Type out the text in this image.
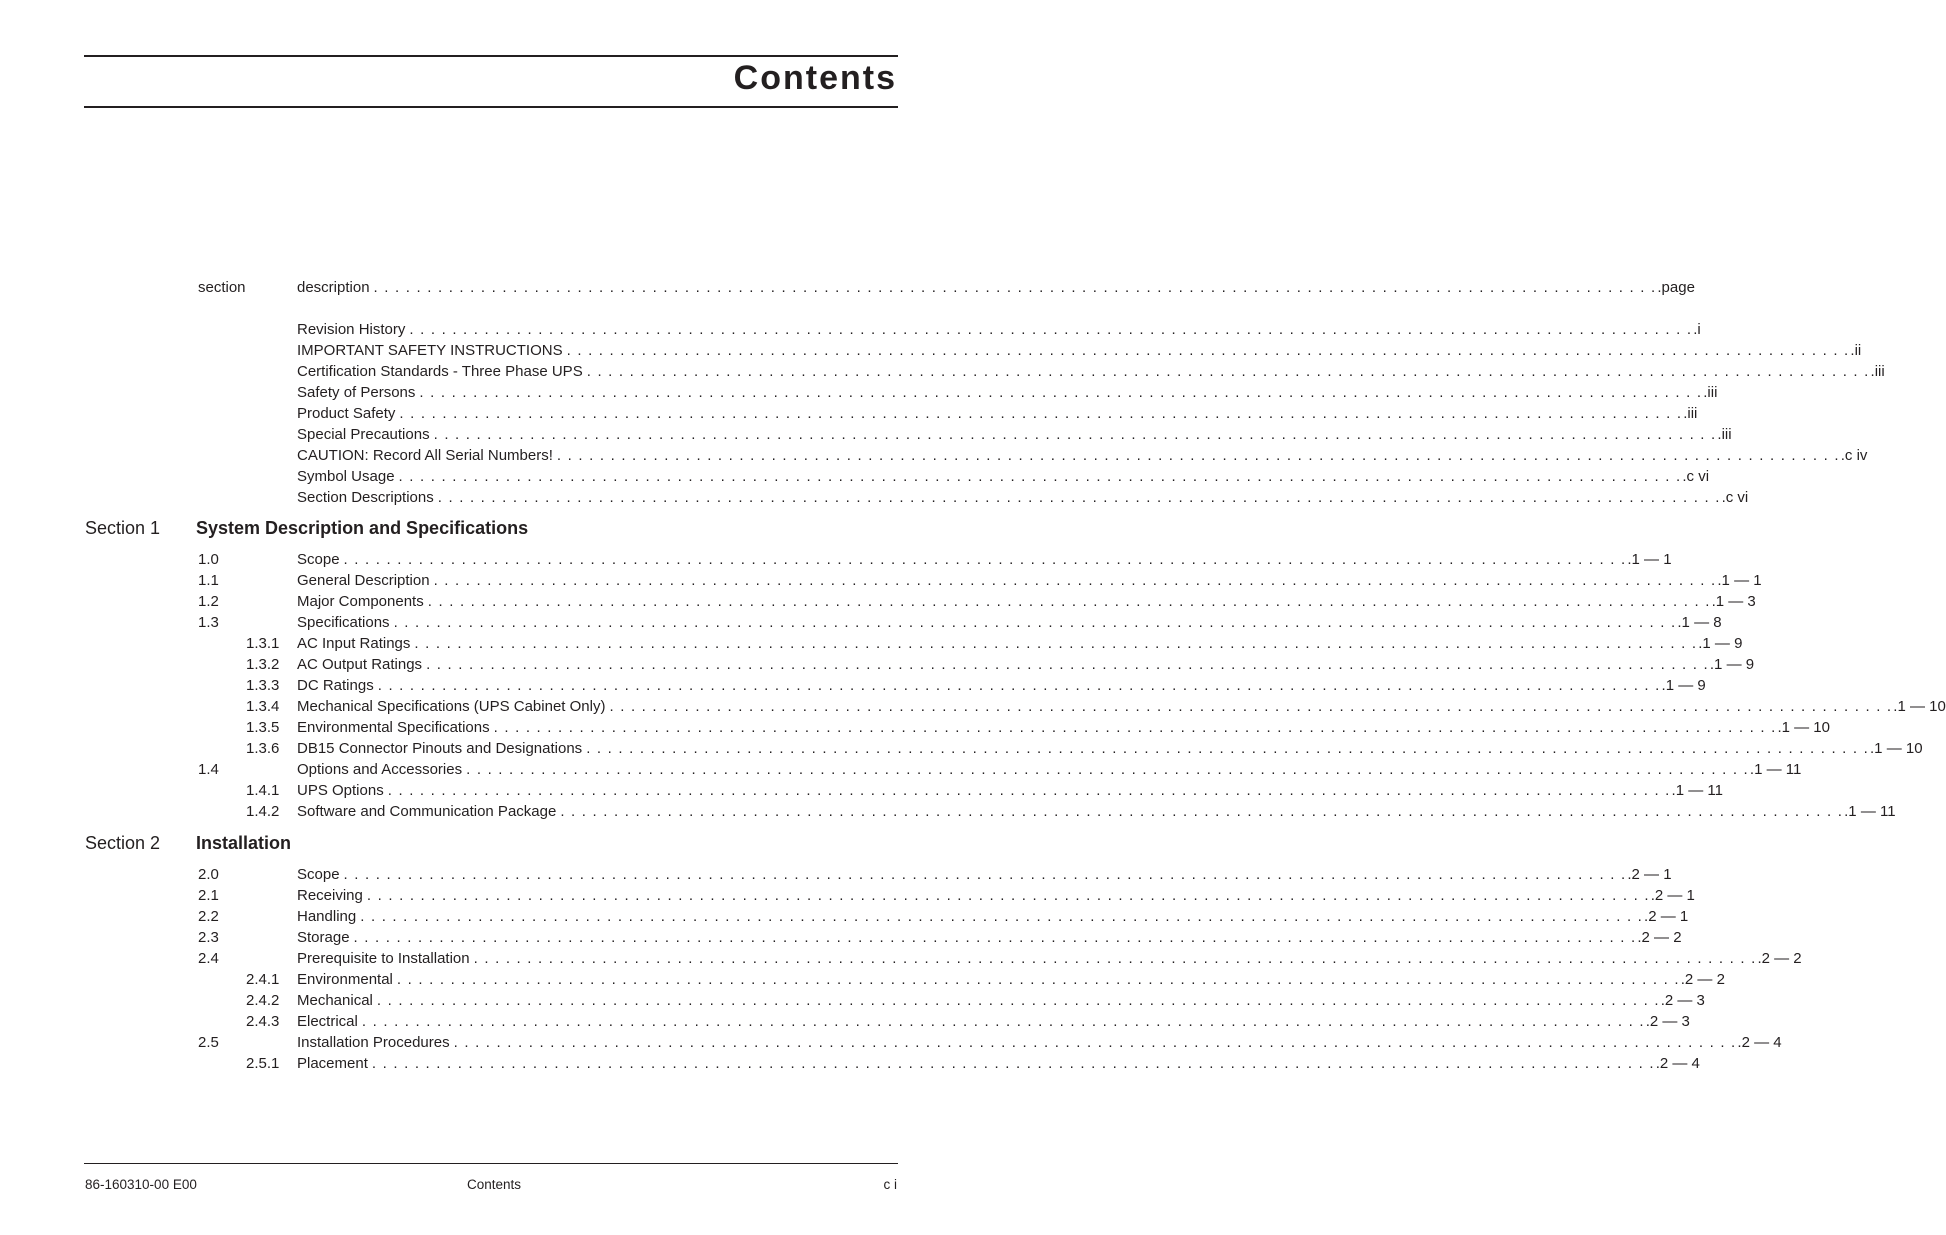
Contents
section	description . . . . . . . . . . . . . . . . . . . . . . . . . . . . . . . . . . . . . . . . . . . . . . . . . . . . . . . . . . . . . . . . . . . . . . . . . . . . . . . . . . . . . . . . . . . . . . . . . . . . . . . . . . . . . . . . . . . . . . . . .page
Revision History . . . . . . . . . . . . . . . . . . . . . . . . . . . . . . . . . . . . . . . . . . . . . . . . . . . . . . . . . . . . . . . . . . . . . . . . . . . . . . . . . . . . . . . . . . . . . . . . . . . . . . . . . . . . . . . . . . . . . . . . .i
IMPORTANT SAFETY INSTRUCTIONS . . . . . . . . . . . . . . . . . . . . . . . . . . . . . . . . . . . . . . . . . . . . . . . . . . . . . . . . . . . . . . . . . . . . . . . . . . . . . . . . . . . . . . . . . . . . . . . . . . . . . . . . . . . . . . . . . . . . . . . . .ii
Certification Standards - Three Phase UPS . . . . . . . . . . . . . . . . . . . . . . . . . . . . . . . . . . . . . . . . . . . . . . . . . . . . . . . . . . . . . . . . . . . . . . . . . . . . . . . . . . . . . . . . . . . . . . . . . . . . . . . . . . . . . . . . . . . . . . . . .iii
Safety of Persons . . . . . . . . . . . . . . . . . . . . . . . . . . . . . . . . . . . . . . . . . . . . . . . . . . . . . . . . . . . . . . . . . . . . . . . . . . . . . . . . . . . . . . . . . . . . . . . . . . . . . . . . . . . . . . . . . . . . . . . . .iii
Product Safety . . . . . . . . . . . . . . . . . . . . . . . . . . . . . . . . . . . . . . . . . . . . . . . . . . . . . . . . . . . . . . . . . . . . . . . . . . . . . . . . . . . . . . . . . . . . . . . . . . . . . . . . . . . . . . . . . . . . . . . . .iii
Special Precautions . . . . . . . . . . . . . . . . . . . . . . . . . . . . . . . . . . . . . . . . . . . . . . . . . . . . . . . . . . . . . . . . . . . . . . . . . . . . . . . . . . . . . . . . . . . . . . . . . . . . . . . . . . . . . . . . . . . . . . . . .iii
CAUTION: Record All Serial Numbers! . . . . . . . . . . . . . . . . . . . . . . . . . . . . . . . . . . . . . . . . . . . . . . . . . . . . . . . . . . . . . . . . . . . . . . . . . . . . . . . . . . . . . . . . . . . . . . . . . . . . . . . . . . . . . . . . . . . . . . . . .c iv
Symbol Usage . . . . . . . . . . . . . . . . . . . . . . . . . . . . . . . . . . . . . . . . . . . . . . . . . . . . . . . . . . . . . . . . . . . . . . . . . . . . . . . . . . . . . . . . . . . . . . . . . . . . . . . . . . . . . . . . . . . . . . . . .c vi
Section Descriptions . . . . . . . . . . . . . . . . . . . . . . . . . . . . . . . . . . . . . . . . . . . . . . . . . . . . . . . . . . . . . . . . . . . . . . . . . . . . . . . . . . . . . . . . . . . . . . . . . . . . . . . . . . . . . . . . . . . . . . . . .c vi
Section 1 System Description and Specifications
1.0	Scope . . . . . . . . . . . . . . . . . . . . . . . . . . . . . . . . . . . . . . . . . . . . . . . . . . . . . . . . . . . . . . . . . . . . . . . . . . . . . . . . . . . . . . . . . . . . . . . . . . . . . . . . . . . . . . . . . . . . . . . . .1 — 1
1.1	General Description . . . . . . . . . . . . . . . . . . . . . . . . . . . . . . . . . . . . . . . . . . . . . . . . . . . . . . . . . . . . . . . . . . . . . . . . . . . . . . . . . . . . . . . . . . . . . . . . . . . . . . . . . . . . . . . . . . . . . . . . .1 — 1
1.2	Major Components . . . . . . . . . . . . . . . . . . . . . . . . . . . . . . . . . . . . . . . . . . . . . . . . . . . . . . . . . . . . . . . . . . . . . . . . . . . . . . . . . . . . . . . . . . . . . . . . . . . . . . . . . . . . . . . . . . . . . . . . .1 — 3
1.3	Specifications . . . . . . . . . . . . . . . . . . . . . . . . . . . . . . . . . . . . . . . . . . . . . . . . . . . . . . . . . . . . . . . . . . . . . . . . . . . . . . . . . . . . . . . . . . . . . . . . . . . . . . . . . . . . . . . . . . . . . . . . .1 — 8
1.3.1 AC Input Ratings . . . . . . . . . . . . . . . . . . . . . . . . . . . . . . . . . . . . . . . . . . . . . . . . . . . . . . . . . . . . . . . . . . . . . . . . . . . . . . . . . . . . . . . . . . . . . . . . . . . . . . . . . . . . . . . . . . . . . . . . .1 — 9
1.3.2 AC Output Ratings . . . . . . . . . . . . . . . . . . . . . . . . . . . . . . . . . . . . . . . . . . . . . . . . . . . . . . . . . . . . . . . . . . . . . . . . . . . . . . . . . . . . . . . . . . . . . . . . . . . . . . . . . . . . . . . . . . . . . . . . .1 — 9
1.3.3 DC Ratings . . . . . . . . . . . . . . . . . . . . . . . . . . . . . . . . . . . . . . . . . . . . . . . . . . . . . . . . . . . . . . . . . . . . . . . . . . . . . . . . . . . . . . . . . . . . . . . . . . . . . . . . . . . . . . . . . . . . . . . . .1 — 9
1.3.4 Mechanical Specifications (UPS Cabinet Only) . . . . . . . . . . . . . . . . . . . . . . . . . . . . . . . . . . . . . . . . . . . . . . . . . . . . . . . . . . . . . . . . . . . . . . . . . . . . . . . . . . . . . . . . . . . . . . . . . . . . . . . . . . . . . . . . . . . . . . . . .1 — 10
1.3.5 Environmental Specifications . . . . . . . . . . . . . . . . . . . . . . . . . . . . . . . . . . . . . . . . . . . . . . . . . . . . . . . . . . . . . . . . . . . . . . . . . . . . . . . . . . . . . . . . . . . . . . . . . . . . . . . . . . . . . . . . . . . . . . . . .1 — 10
1.3.6 DB15 Connector Pinouts and Designations . . . . . . . . . . . . . . . . . . . . . . . . . . . . . . . . . . . . . . . . . . . . . . . . . . . . . . . . . . . . . . . . . . . . . . . . . . . . . . . . . . . . . . . . . . . . . . . . . . . . . . . . . . . . . . . . . . . . . . . . .1 — 10
1.4	Options and Accessories . . . . . . . . . . . . . . . . . . . . . . . . . . . . . . . . . . . . . . . . . . . . . . . . . . . . . . . . . . . . . . . . . . . . . . . . . . . . . . . . . . . . . . . . . . . . . . . . . . . . . . . . . . . . . . . . . . . . . . . . .1 — 11
1.4.1 UPS Options . . . . . . . . . . . . . . . . . . . . . . . . . . . . . . . . . . . . . . . . . . . . . . . . . . . . . . . . . . . . . . . . . . . . . . . . . . . . . . . . . . . . . . . . . . . . . . . . . . . . . . . . . . . . . . . . . . . . . . . . .1 — 11
1.4.2 Software and Communication Package . . . . . . . . . . . . . . . . . . . . . . . . . . . . . . . . . . . . . . . . . . . . . . . . . . . . . . . . . . . . . . . . . . . . . . . . . . . . . . . . . . . . . . . . . . . . . . . . . . . . . . . . . . . . . . . . . . . . . . . . .1 — 11
Section 2 Installation
2.0	Scope . . . . . . . . . . . . . . . . . . . . . . . . . . . . . . . . . . . . . . . . . . . . . . . . . . . . . . . . . . . . . . . . . . . . . . . . . . . . . . . . . . . . . . . . . . . . . . . . . . . . . . . . . . . . . . . . . . . . . . . . .2 — 1
2.1	Receiving . . . . . . . . . . . . . . . . . . . . . . . . . . . . . . . . . . . . . . . . . . . . . . . . . . . . . . . . . . . . . . . . . . . . . . . . . . . . . . . . . . . . . . . . . . . . . . . . . . . . . . . . . . . . . . . . . . . . . . . . .2 — 1
2.2	Handling . . . . . . . . . . . . . . . . . . . . . . . . . . . . . . . . . . . . . . . . . . . . . . . . . . . . . . . . . . . . . . . . . . . . . . . . . . . . . . . . . . . . . . . . . . . . . . . . . . . . . . . . . . . . . . . . . . . . . . . . .2 — 1
2.3	Storage . . . . . . . . . . . . . . . . . . . . . . . . . . . . . . . . . . . . . . . . . . . . . . . . . . . . . . . . . . . . . . . . . . . . . . . . . . . . . . . . . . . . . . . . . . . . . . . . . . . . . . . . . . . . . . . . . . . . . . . . .2 — 2
2.4	Prerequisite to Installation . . . . . . . . . . . . . . . . . . . . . . . . . . . . . . . . . . . . . . . . . . . . . . . . . . . . . . . . . . . . . . . . . . . . . . . . . . . . . . . . . . . . . . . . . . . . . . . . . . . . . . . . . . . . . . . . . . . . . . . . .2 — 2
2.4.1 Environmental . . . . . . . . . . . . . . . . . . . . . . . . . . . . . . . . . . . . . . . . . . . . . . . . . . . . . . . . . . . . . . . . . . . . . . . . . . . . . . . . . . . . . . . . . . . . . . . . . . . . . . . . . . . . . . . . . . . . . . . . .2 — 2
2.4.2 Mechanical . . . . . . . . . . . . . . . . . . . . . . . . . . . . . . . . . . . . . . . . . . . . . . . . . . . . . . . . . . . . . . . . . . . . . . . . . . . . . . . . . . . . . . . . . . . . . . . . . . . . . . . . . . . . . . . . . . . . . . . . .2 — 3
2.4.3 Electrical . . . . . . . . . . . . . . . . . . . . . . . . . . . . . . . . . . . . . . . . . . . . . . . . . . . . . . . . . . . . . . . . . . . . . . . . . . . . . . . . . . . . . . . . . . . . . . . . . . . . . . . . . . . . . . . . . . . . . . . . .2 — 3
2.5	Installation Procedures . . . . . . . . . . . . . . . . . . . . . . . . . . . . . . . . . . . . . . . . . . . . . . . . . . . . . . . . . . . . . . . . . . . . . . . . . . . . . . . . . . . . . . . . . . . . . . . . . . . . . . . . . . . . . . . . . . . . . . . . .2 — 4
2.5.1 Placement . . . . . . . . . . . . . . . . . . . . . . . . . . . . . . . . . . . . . . . . . . . . . . . . . . . . . . . . . . . . . . . . . . . . . . . . . . . . . . . . . . . . . . . . . . . . . . . . . . . . . . . . . . . . . . . . . . . . . . . . .2 — 4
86-160310-00 E00	Contents	c i
